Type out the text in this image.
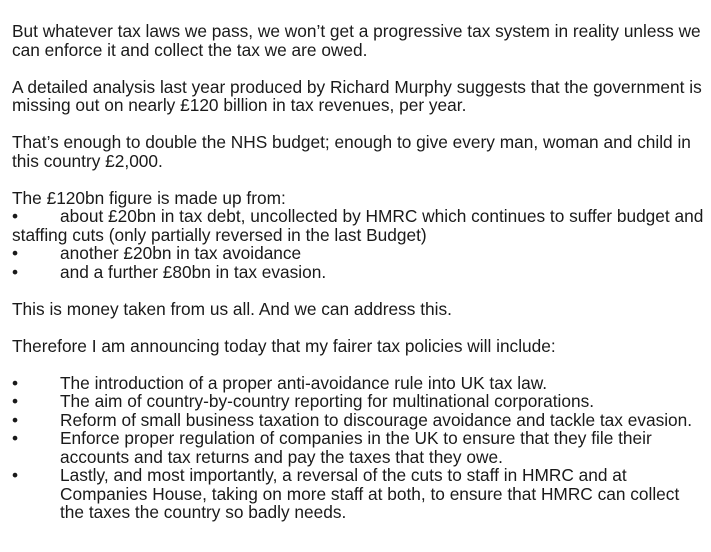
But whatever tax laws we pass, we won’t get a progressive tax system in reality unless we can enforce it and collect the tax we are owed.

A detailed analysis last year produced by Richard Murphy suggests that the government is missing out on nearly £120 billion in tax revenues, per year.

That’s enough to double the NHS budget; enough to give every man, woman and child in this country £2,000.

The £120bn figure is made up from:
•	about £20bn in tax debt, uncollected by HMRC which continues to suffer budget and staffing cuts (only partially reversed in the last Budget)
•	another £20bn in tax avoidance
•	and a further £80bn in tax evasion.

This is money taken from us all. And we can address this.

Therefore I am announcing today that my fairer tax policies will include:

•	The introduction of a proper anti-avoidance rule into UK tax law.
•	The aim of country-by-country reporting for multinational corporations.
•	Reform of small business taxation to discourage avoidance and tackle tax evasion.
•	Enforce proper regulation of companies in the UK to ensure that they file their accounts and tax returns and pay the taxes that they owe.
•	Lastly, and most importantly, a reversal of the cuts to staff in HMRC and at Companies House, taking on more staff at both, to ensure that HMRC can collect the taxes the country so badly needs.
